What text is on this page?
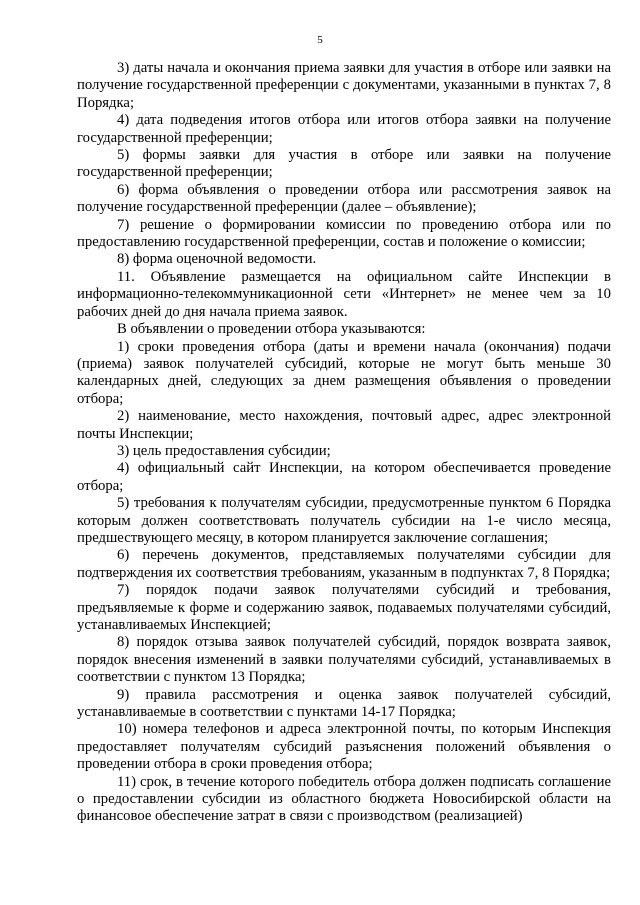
5

3) даты начала и окончания приема заявки для участия в отборе или заявки на получение государственной преференции с документами, указанными в пунктах 7, 8 Порядка;

4) дата подведения итогов отбора или итогов отбора заявки на получение государственной преференции;

5) формы заявки для участия в отборе или заявки на получение государственной преференции;

6) форма объявления о проведении отбора или рассмотрения заявок на получение государственной преференции (далее – объявление);

7) решение о формировании комиссии по проведению отбора или по предоставлению государственной преференции, состав и положение о комиссии;

8) форма оценочной ведомости.

11. Объявление размещается на официальном сайте Инспекции в информационно-телекоммуникационной сети «Интернет» не менее чем за 10 рабочих дней до дня начала приема заявок.

В объявлении о проведении отбора указываются:

1) сроки проведения отбора (даты и времени начала (окончания) подачи (приема) заявок получателей субсидий, которые не могут быть меньше 30 календарных дней, следующих за днем размещения объявления о проведении отбора;

2) наименование, место нахождения, почтовый адрес, адрес электронной почты Инспекции;

3) цель предоставления субсидии;

4) официальный сайт Инспекции, на котором обеспечивается проведение отбора;

5) требования к получателям субсидии, предусмотренные пунктом 6 Порядка которым должен соответствовать получатель субсидии на 1-е число месяца, предшествующего месяцу, в котором планируется заключение соглашения;

6) перечень документов, представляемых получателями субсидии для подтверждения их соответствия требованиям, указанным в подпунктах 7, 8 Порядка;

7) порядок подачи заявок получателями субсидий и требования, предъявляемые к форме и содержанию заявок, подаваемых получателями субсидий, устанавливаемых Инспекцией;

8) порядок отзыва заявок получателей субсидий, порядок возврата заявок, порядок внесения изменений в заявки получателями субсидий, устанавливаемых в соответствии с пунктом 13 Порядка;

9) правила рассмотрения и оценка заявок получателей субсидий, устанавливаемые в соответствии с пунктами 14-17 Порядка;

10) номера телефонов и адреса электронной почты, по которым Инспекция предоставляет получателям субсидий разъяснения положений объявления о проведении отбора в сроки проведения отбора;

11) срок, в течение которого победитель отбора должен подписать соглашение о предоставлении субсидии из областного бюджета Новосибирской области на финансовое обеспечение затрат в связи с производством (реализацией)
